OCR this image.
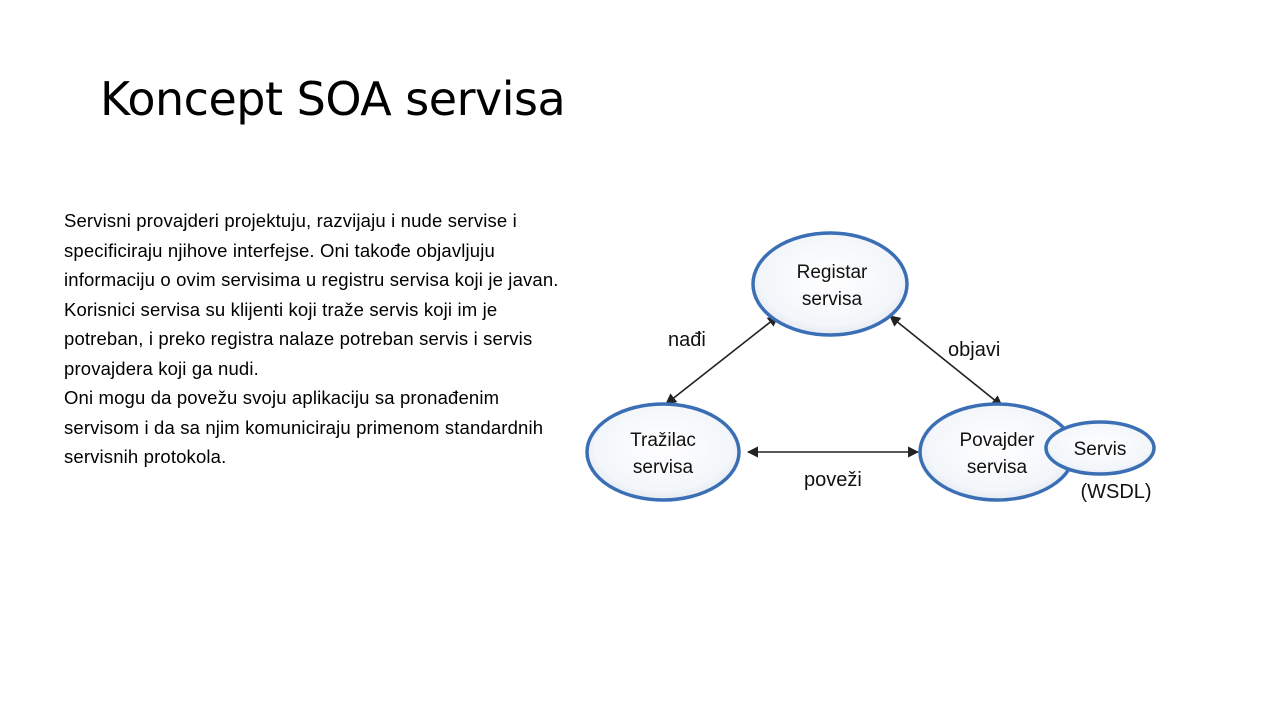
Koncept SOA servisa

Servisni provajderi projektuju, razvijaju i nude servise i specificiraju njihove interfejse. Oni takođe objavljuju informaciju o ovim servisima u registru servisa koji je javan. Korisnici servisa su klijenti koji traže servis koji im je potreban, i preko registra nalaze potreban servis i servis provajdera koji ga nudi.

Oni mogu da povežu svoju aplikaciju sa pronađenim servisom i da sa njim komuniciraju primenom standardnih servisnih protokola.

Registar
servisa
Tražilac
servisa
Povajder
servisa
Servis
(WSDL)
nađi	objavi
poveži
